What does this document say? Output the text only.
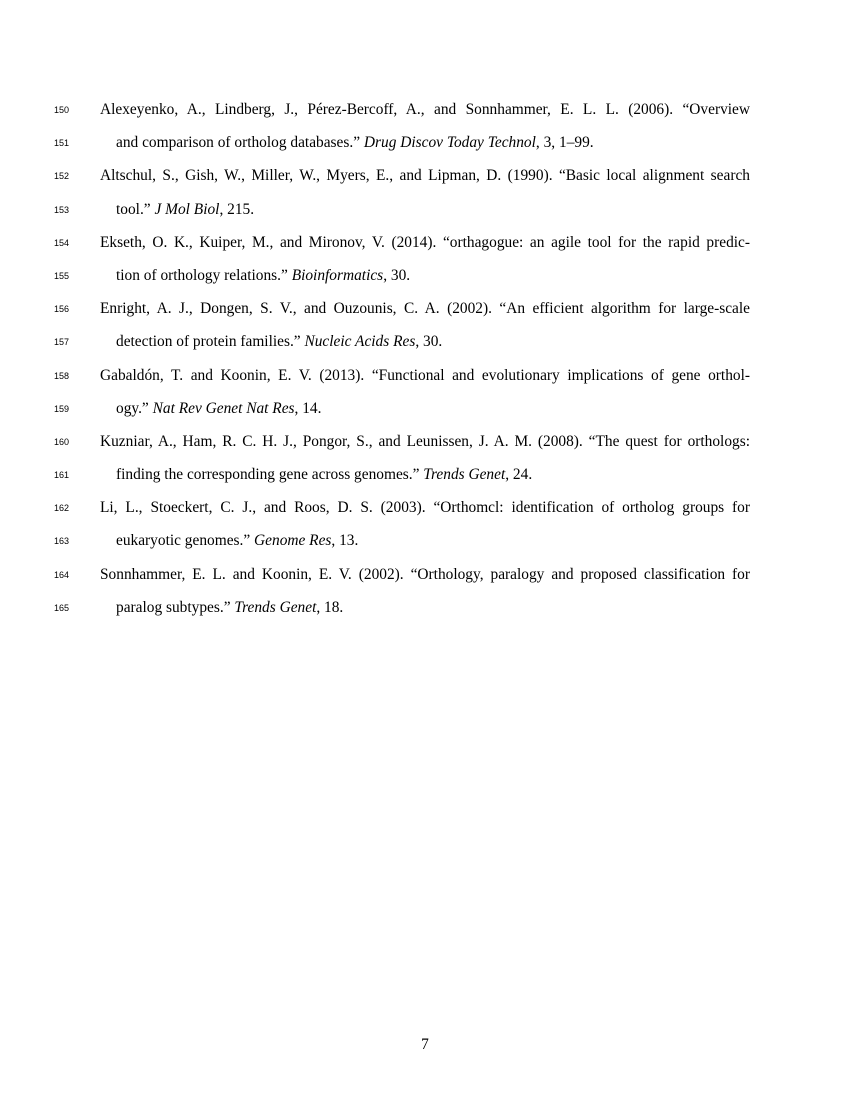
150	Alexeyenko, A., Lindberg, J., Pérez-Bercoff, A., and Sonnhammer, E. L. L. (2006). “Overview
151	and comparison of ortholog databases.” Drug Discov Today Technol, 3, 1–99.
152	Altschul, S., Gish, W., Miller, W., Myers, E., and Lipman, D. (1990). “Basic local alignment search
153	tool.” J Mol Biol, 215.
154	Ekseth, O. K., Kuiper, M., and Mironov, V. (2014). “orthagogue: an agile tool for the rapid predic-
155	tion of orthology relations.” Bioinformatics, 30.
156	Enright, A. J., Dongen, S. V., and Ouzounis, C. A. (2002). “An efficient algorithm for large-scale
157	detection of protein families.” Nucleic Acids Res, 30.
158	Gabaldón, T. and Koonin, E. V. (2013). “Functional and evolutionary implications of gene orthol-
159	ogy.” Nat Rev Genet Nat Res, 14.
160	Kuzniar, A., Ham, R. C. H. J., Pongor, S., and Leunissen, J. A. M. (2008). “The quest for orthologs:
161	finding the corresponding gene across genomes.” Trends Genet, 24.
162	Li, L., Stoeckert, C. J., and Roos, D. S. (2003). “Orthomcl: identification of ortholog groups for
163	eukaryotic genomes.” Genome Res, 13.
164	Sonnhammer, E. L. and Koonin, E. V. (2002). “Orthology, paralogy and proposed classification for
165	paralog subtypes.” Trends Genet, 18.
7
